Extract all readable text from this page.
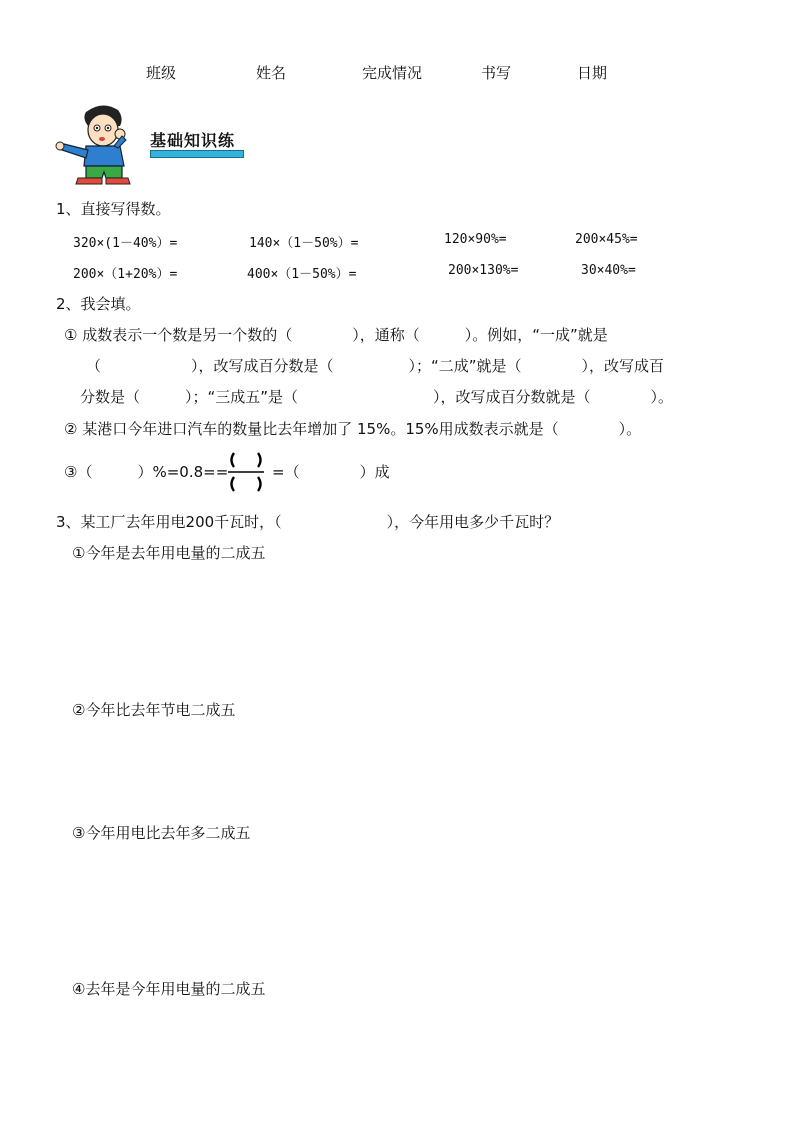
班级	姓名	完成情况	书写	日期
基础知识练
1、直接写得数。
320×(1－40%）=	140×（1－50%）=	120×90%=	200×45%=
200×（1+20%）=	400×（1－50%）=	200×130%=	30×40%=
2、我会填。
① 成数表示一个数是另一个数的（　　　　），通称（　　　）。例如，“一成”就是
（　　　　　　），改写成百分数是（　　　　　）；“二成”就是（　　　　），改写成百
分数是（　　　）；“三成五”是（　　　　　　　　　），改写成百分数就是（　　　　）。
② 某港口今年进口汽车的数量比去年增加了 15%。15%用成数表示就是（　　　　）。
③（　　　）%=0.8==	=（　　　　）成
3、某工厂去年用电200千瓦时，（　　　　　　　），今年用电多少千瓦时？
①今年是去年用电量的二成五
②今年比去年节电二成五
③今年用电比去年多二成五
④去年是今年用电量的二成五
